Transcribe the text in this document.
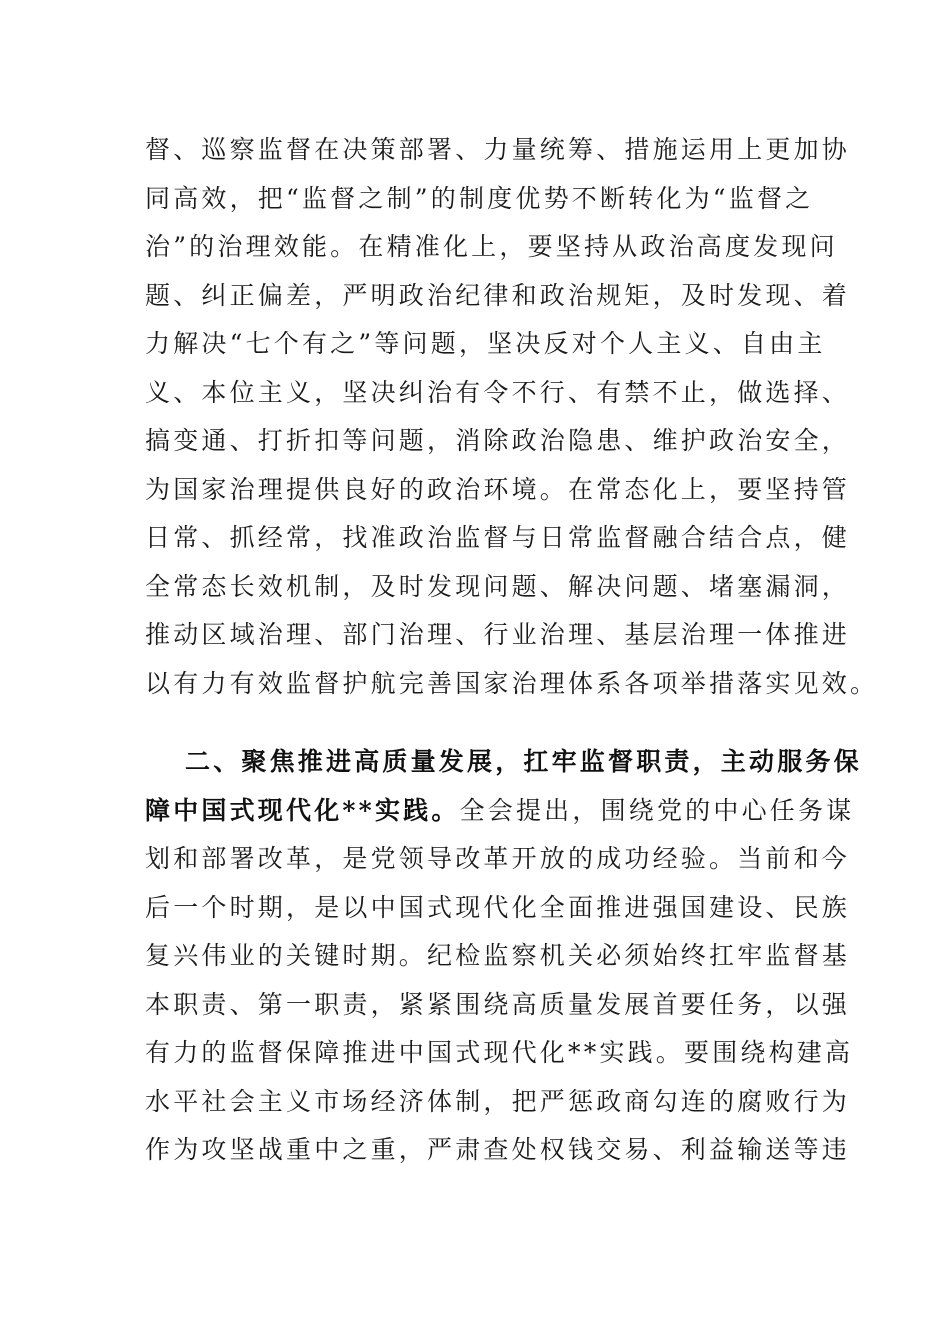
督、巡察监督在决策部署、力量统筹、措施运用上更加协
同高效，把“监督之制”的制度优势不断转化为“监督之
治”的治理效能。在精准化上，要坚持从政治高度发现问
题、纠正偏差，严明政治纪律和政治规矩，及时发现、着
力解决“七个有之”等问题，坚决反对个人主义、自由主
义、本位主义，坚决纠治有令不行、有禁不止，做选择、
搞变通、打折扣等问题，消除政治隐患、维护政治安全，
为国家治理提供良好的政治环境。在常态化上，要坚持管
日常、抓经常，找准政治监督与日常监督融合结合点，健
全常态长效机制，及时发现问题、解决问题、堵塞漏洞，
推动区域治理、部门治理、行业治理、基层治理一体推进
以有力有效监督护航完善国家治理体系各项举措落实见效。
二、聚焦推进高质量发展，扛牢监督职责，主动服务保
障中国式现代化**实践。全会提出，围绕党的中心任务谋
划和部署改革，是党领导改革开放的成功经验。当前和今
后一个时期，是以中国式现代化全面推进强国建设、民族
复兴伟业的关键时期。纪检监察机关必须始终扛牢监督基
本职责、第一职责，紧紧围绕高质量发展首要任务，以强
有力的监督保障推进中国式现代化**实践。要围绕构建高
水平社会主义市场经济体制，把严惩政商勾连的腐败行为
作为攻坚战重中之重，严肃查处权钱交易、利益输送等违
